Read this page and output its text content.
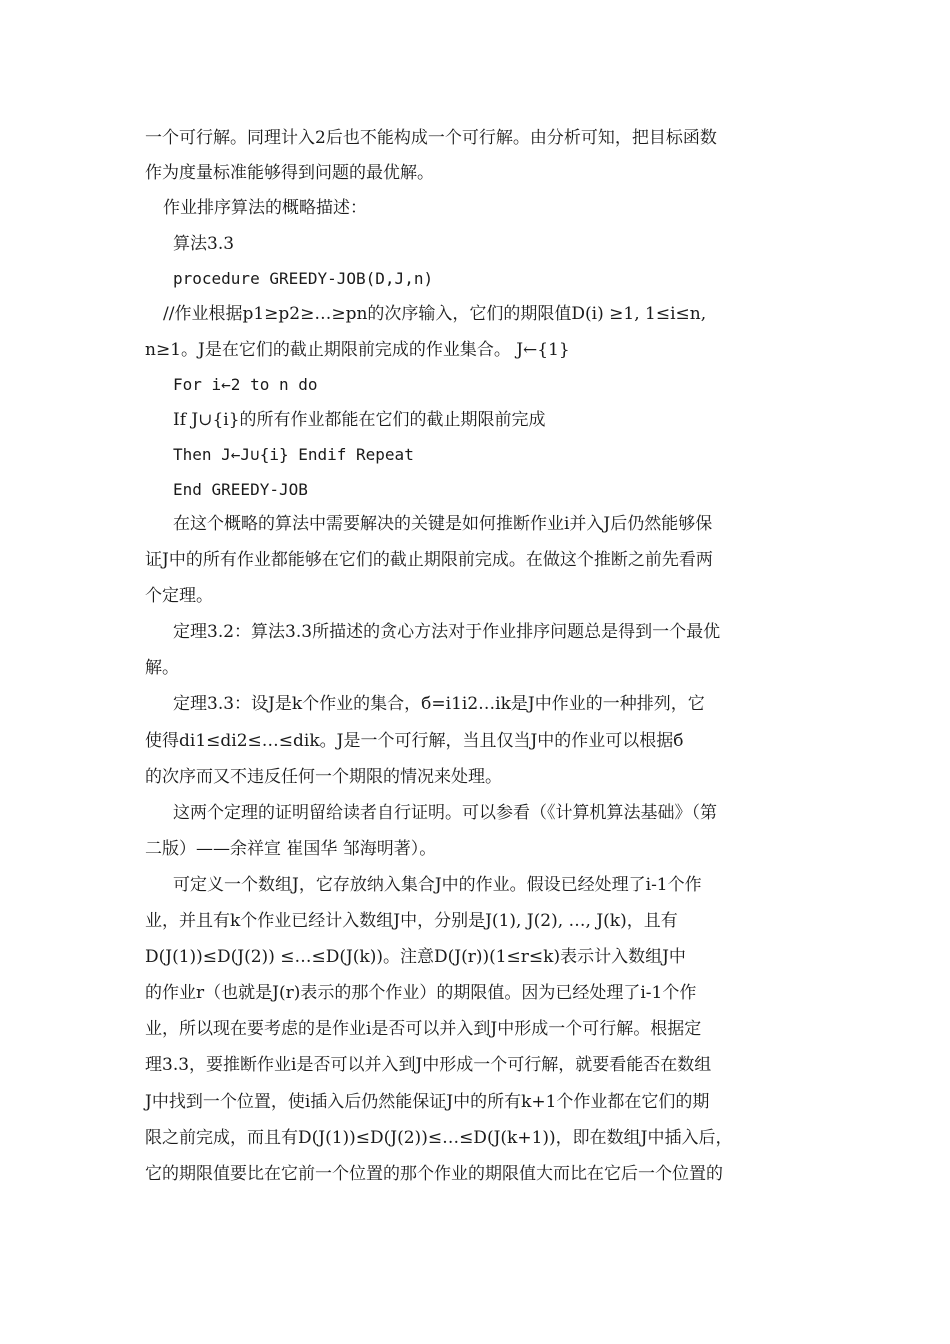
一个可行解。同理计入2后也不能构成一个可行解。由分析可知，把目标函数
作为度量标准能够得到问题的最优解。
作业排序算法的概略描述：
算法3.3
procedure GREEDY-JOB(D,J,n)
//作业根据p1≥p2≥…≥pn的次序输入，它们的期限值D(i) ≥1, 1≤i≤n,
n≥1。J是在它们的截止期限前完成的作业集合。 J←{1}
For i←2 to n do
If J∪{i}的所有作业都能在它们的截止期限前完成
Then J←J∪{i} Endif Repeat
End GREEDY-JOB
在这个概略的算法中需要解决的关键是如何推断作业i并入J后仍然能够保
证J中的所有作业都能够在它们的截止期限前完成。在做这个推断之前先看两
个定理。
定理3.2：算法3.3所描述的贪心方法对于作业排序问题总是得到一个最优
解。
定理3.3：设J是k个作业的集合，б=i1i2…ik是J中作业的一种排列，它
使得di1≤di2≤…≤dik。J是一个可行解，当且仅当J中的作业可以根据б
的次序而又不违反任何一个期限的情况来处理。
这两个定理的证明留给读者自行证明。可以参看（《计算机算法基础》（第
二版）——余祥宣 崔国华 邹海明著）。
可定义一个数组J，它存放纳入集合J中的作业。假设已经处理了i-1个作
业，并且有k个作业已经计入数组J中，分别是J(1), J(2), …, J(k)，且有
D(J(1))≤D(J(2)) ≤…≤D(J(k))。注意D(J(r))(1≤r≤k)表示计入数组J中
的作业r（也就是J(r)表示的那个作业）的期限值。因为已经处理了i-1个作
业，所以现在要考虑的是作业i是否可以并入到J中形成一个可行解。根据定
理3.3，要推断作业i是否可以并入到J中形成一个可行解，就要看能否在数组
J中找到一个位置，使i插入后仍然能保证J中的所有k+1个作业都在它们的期
限之前完成，而且有D(J(1))≤D(J(2))≤…≤D(J(k+1))，即在数组J中插入后，
它的期限值要比在它前一个位置的那个作业的期限值大而比在它后一个位置的
